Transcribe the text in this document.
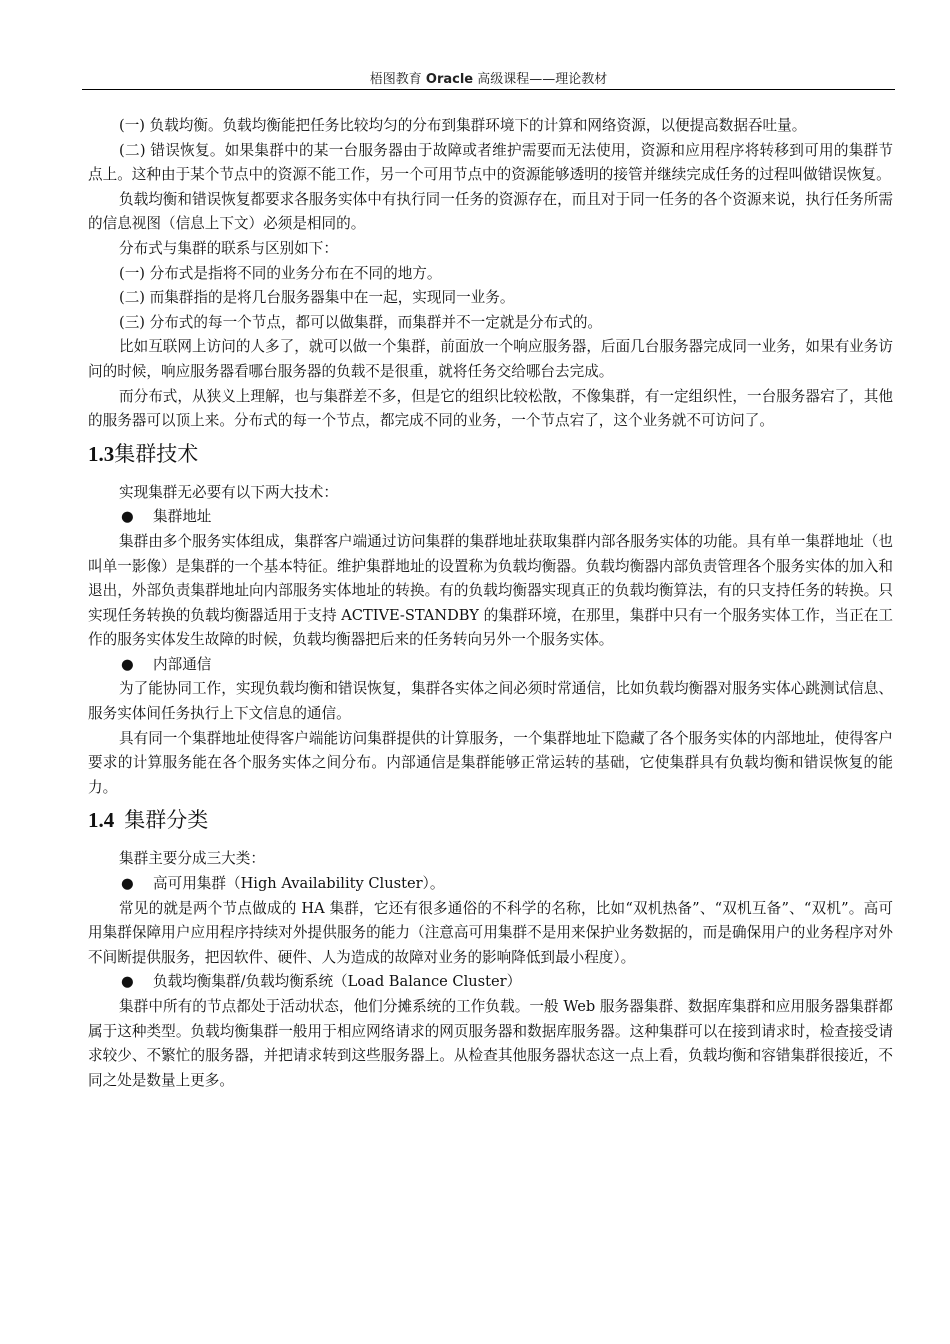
梧图教育 Oracle 高级课程——理论教材

(一) 负载均衡。负载均衡能把任务比较均匀的分布到集群环境下的计算和网络资源，以便提高数据吞吐量。

(二) 错误恢复。如果集群中的某一台服务器由于故障或者维护需要而无法使用，资源和应用程序将转移到可用的集群节点上。这种由于某个节点中的资源不能工作，另一个可用节点中的资源能够透明的接管并继续完成任务的过程叫做错误恢复。

负载均衡和错误恢复都要求各服务实体中有执行同一任务的资源存在，而且对于同一任务的各个资源来说，执行任务所需的信息视图（信息上下文）必须是相同的。

分布式与集群的联系与区别如下：

(一) 分布式是指将不同的业务分布在不同的地方。

(二) 而集群指的是将几台服务器集中在一起，实现同一业务。

(三) 分布式的每一个节点，都可以做集群，而集群并不一定就是分布式的。

比如互联网上访问的人多了，就可以做一个集群，前面放一个响应服务器，后面几台服务器完成同一业务，如果有业务访问的时候，响应服务器看哪台服务器的负载不是很重，就将任务交给哪台去完成。

而分布式，从狭义上理解，也与集群差不多，但是它的组织比较松散，不像集群，有一定组织性，一台服务器宕了，其他的服务器可以顶上来。分布式的每一个节点，都完成不同的业务，一个节点宕了，这个业务就不可访问了。

1.3集群技术

实现集群无必要有以下两大技术：

● 集群地址

集群由多个服务实体组成，集群客户端通过访问集群的集群地址获取集群内部各服务实体的功能。具有单一集群地址（也叫单一影像）是集群的一个基本特征。维护集群地址的设置称为负载均衡器。负载均衡器内部负责管理各个服务实体的加入和退出，外部负责集群地址向内部服务实体地址的转换。有的负载均衡器实现真正的负载均衡算法，有的只支持任务的转换。只实现任务转换的负载均衡器适用于支持 ACTIVE-STANDBY 的集群环境，在那里，集群中只有一个服务实体工作，当正在工作的服务实体发生故障的时候，负载均衡器把后来的任务转向另外一个服务实体。

● 内部通信

为了能协同工作，实现负载均衡和错误恢复，集群各实体之间必须时常通信，比如负载均衡器对服务实体心跳测试信息、服务实体间任务执行上下文信息的通信。

具有同一个集群地址使得客户端能访问集群提供的计算服务，一个集群地址下隐藏了各个服务实体的内部地址，使得客户要求的计算服务能在各个服务实体之间分布。内部通信是集群能够正常运转的基础，它使集群具有负载均衡和错误恢复的能力。

1.4 集群分类

集群主要分成三大类：

● 高可用集群（High Availability Cluster）。

常见的就是两个节点做成的 HA 集群，它还有很多通俗的不科学的名称，比如“双机热备”、“双机互备”、“双机”。高可用集群保障用户应用程序持续对外提供服务的能力（注意高可用集群不是用来保护业务数据的，而是确保用户的业务程序对外不间断提供服务，把因软件、硬件、人为造成的故障对业务的影响降低到最小程度）。

● 负载均衡集群/负载均衡系统（Load Balance Cluster）

集群中所有的节点都处于活动状态，他们分摊系统的工作负载。一般 Web 服务器集群、数据库集群和应用服务器集群都属于这种类型。负载均衡集群一般用于相应网络请求的网页服务器和数据库服务器。这种集群可以在接到请求时，检查接受请求较少、不繁忙的服务器，并把请求转到这些服务器上。从检查其他服务器状态这一点上看，负载均衡和容错集群很接近，不同之处是数量上更多。
